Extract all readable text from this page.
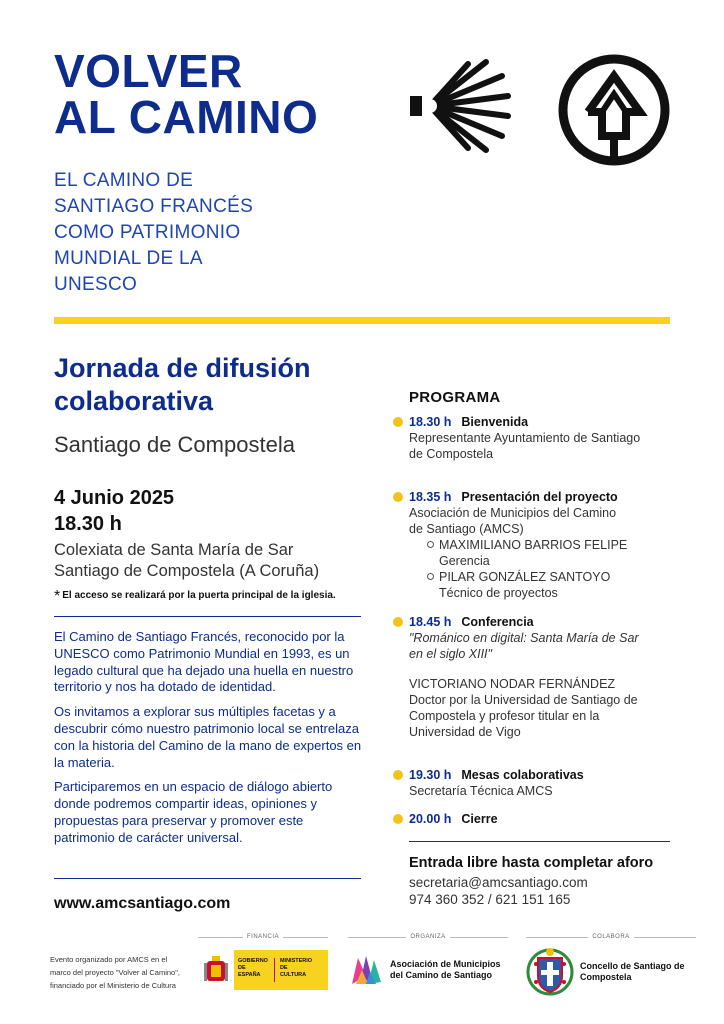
VOLVER
AL CAMINO
EL CAMINO DE
SANTIAGO FRANCÉS
COMO PATRIMONIO
MUNDIAL DE LA
UNESCO
Jornada de difusión
colaborativa
Santiago de Compostela
4 Junio 2025
18.30 h
Colexiata de Santa María de Sar
Santiago de Compostela (A Coruña)
* El acceso se realizará por la puerta principal de la iglesia.

El Camino de Santiago Francés, reconocido por la UNESCO como Patrimonio Mundial en 1993, es un legado cultural que ha dejado una huella en nuestro territorio y nos ha dotado de identidad.

Os invitamos a explorar sus múltiples facetas y a descubrir cómo nuestro patrimonio local se entrelaza con la historia del Camino de la mano de expertos en la materia.

Participaremos en un espacio de diálogo abierto donde podremos compartir ideas, opiniones y propuestas para preservar y promover este patrimonio de carácter universal.

www.amcsantiago.com
PROGRAMA
18.30 h Bienvenida
Representante Ayuntamiento de Santiago
de Compostela
18.35 h Presentación del proyecto
Asociación de Municipios del Camino
de Santiago (AMCS)
MAXIMILIANO BARRIOS FELIPE
Gerencia
PILAR GONZÁLEZ SANTOYO
Técnico de proyectos
18.45 h Conferencia
"Románico en digital: Santa María de Sar
en el siglo XIII"
VICTORIANO NODAR FERNÁNDEZ
Doctor por la Universidad de Santiago de
Compostela y profesor titular en la
Universidad de Vigo
19.30 h Mesas colaborativas
Secretaría Técnica AMCS
20.00 h Cierre
Entrada libre hasta completar aforo
secretaria@amcsantiago.com
974 360 352 / 621 151 165
Evento organizado por AMCS en el
marco del proyecto "Volver al Camino",
financiado por el Ministerio de Cultura
FINANCIA
GOBIERNO
DE
ESPAÑA
MINISTERIO
DE
CULTURA
ORGANIZA
Asociación de Municipios
del Camino de Santiago
COLABORA
Concello de Santiago de
Compostela
